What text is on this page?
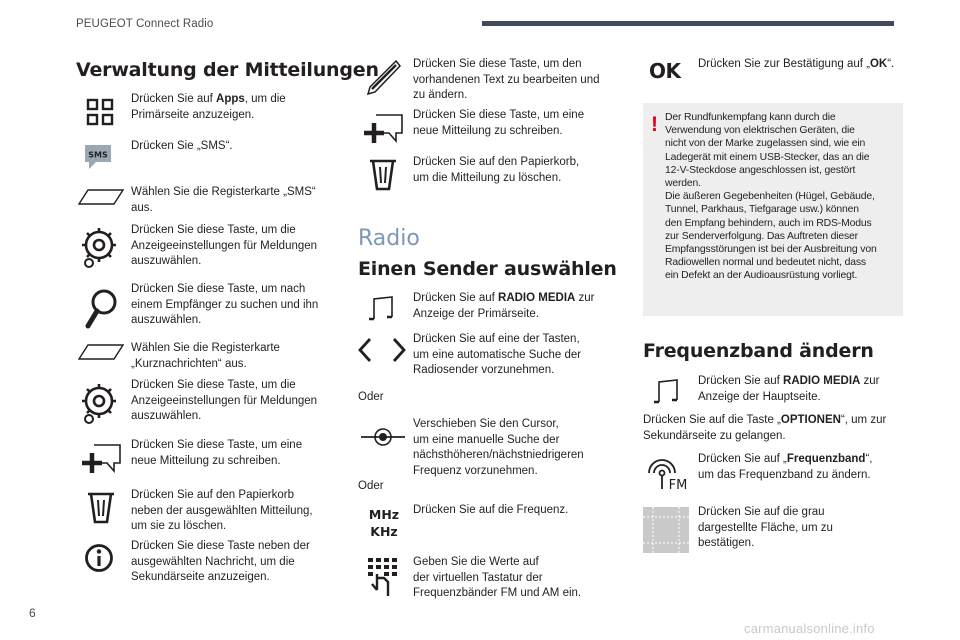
PEUGEOT Connect Radio
Verwaltung der Mitteilungen
Drücken Sie auf Apps, um die
Primärseite anzuzeigen.
SMS
Drücken Sie „SMS“.
Wählen Sie die Registerkarte „SMS“
aus.
Drücken Sie diese Taste, um die
Anzeigeeinstellungen für Meldungen
auszuwählen.
Drücken Sie diese Taste, um nach
einem Empfänger zu suchen und ihn
auszuwählen.
Wählen Sie die Registerkarte
„Kurznachrichten“ aus.
Drücken Sie diese Taste, um die
Anzeigeeinstellungen für Meldungen
auszuwählen.
Drücken Sie diese Taste, um eine
neue Mitteilung zu schreiben.
Drücken Sie auf den Papierkorb
neben der ausgewählten Mitteilung,
um sie zu löschen.
Drücken Sie diese Taste neben der
ausgewählten Nachricht, um die
Sekundärseite anzuzeigen.
Drücken Sie diese Taste, um den
vorhandenen Text zu bearbeiten und
zu ändern.
Drücken Sie diese Taste, um eine
neue Mitteilung zu schreiben.
Drücken Sie auf den Papierkorb,
um die Mitteilung zu löschen.
Radio
Einen Sender auswählen
Drücken Sie auf RADIO MEDIA zur
Anzeige der Primärseite.
Drücken Sie auf eine der Tasten,
um eine automatische Suche der
Radiosender vorzunehmen.
Oder
Verschieben Sie den Cursor,
um eine manuelle Suche der
nächsthöheren/nächstniedrigeren
Frequenz vorzunehmen.
Oder
MHz
KHz
Drücken Sie auf die Frequenz.
Geben Sie die Werte auf
der virtuellen Tastatur der
Frequenzbänder FM und AM ein.
OK Drücken Sie zur Bestätigung auf „OK“.
! Der Rundfunkempfang kann durch die
Verwendung von elektrischen Geräten, die
nicht von der Marke zugelassen sind, wie ein
Ladegerät mit einem USB-Stecker, das an die
12-V-Steckdose angeschlossen ist, gestört
werden.
Die äußeren Gegebenheiten (Hügel, Gebäude,
Tunnel, Parkhaus, Tiefgarage usw.) können
den Empfang behindern, auch im RDS-Modus
zur Senderverfolgung. Das Auftreten dieser
Empfangsstörungen ist bei der Ausbreitung von
Radiowellen normal und bedeutet nicht, dass
ein Defekt an der Audioausrüstung vorliegt.
Frequenzband ändern
Drücken Sie auf RADIO MEDIA zur
Anzeige der Hauptseite.
Drücken Sie auf die Taste „OPTIONEN“, um zur
Sekundärseite zu gelangen.
FM
Drücken Sie auf „Frequenzband“,
um das Frequenzband zu ändern.
Drücken Sie auf die grau
dargestellte Fläche, um zu
bestätigen.
6
carmanualsonline.info
